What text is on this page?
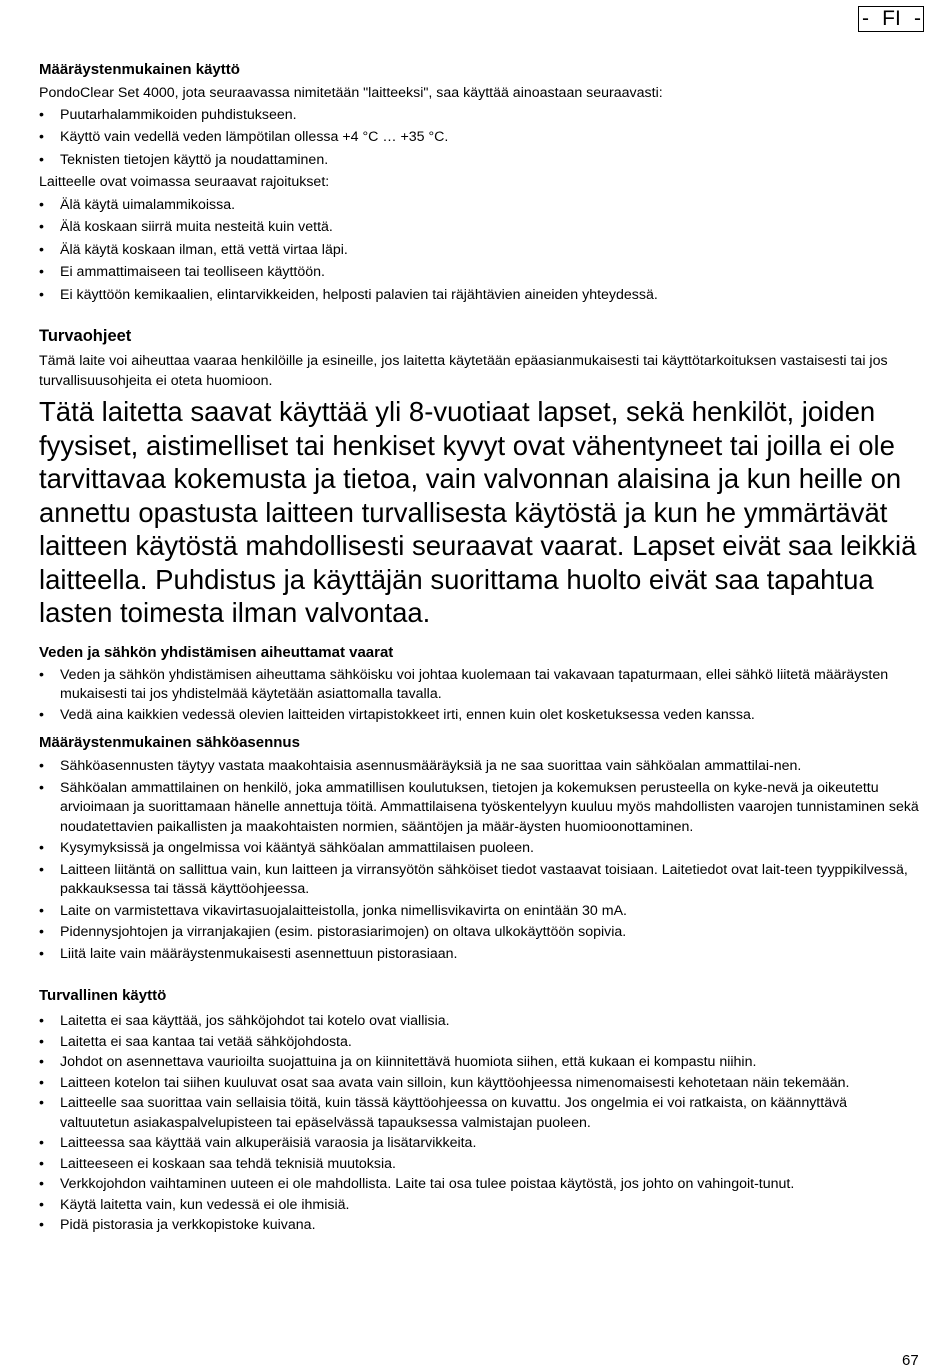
- FI -
Määräystenmukainen käyttö

PondoClear Set 4000, jota seuraavassa nimitetään "laitteeksi", saa käyttää ainoastaan seuraavasti:

•	Puutarhalammikoiden puhdistukseen.
•	Käyttö vain vedellä veden lämpötilan ollessa +4 °C … +35 °C.
•	Teknisten tietojen käyttö ja noudattaminen.

Laitteelle ovat voimassa seuraavat rajoitukset:

•	Älä käytä uimalammikoissa.
•	Älä koskaan siirrä muita nesteitä kuin vettä.
•	Älä käytä koskaan ilman, että vettä virtaa läpi.
•	Ei ammattimaiseen tai teolliseen käyttöön.
•	Ei käyttöön kemikaalien, elintarvikkeiden, helposti palavien tai räjähtävien aineiden yhteydessä.
Turvaohjeet

Tämä laite voi aiheuttaa vaaraa henkilöille ja esineille, jos laitetta käytetään epäasianmukaisesti tai käyttötarkoituksen vastaisesti tai jos turvallisuusohjeita ei oteta huomioon.

Tätä laitetta saavat käyttää yli 8-vuotiaat lapset, sekä henkilöt, joiden fyysiset, aistimelliset tai henkiset kyvyt ovat vähentyneet tai joilla ei ole tarvittavaa kokemusta ja tietoa, vain valvonnan alaisina ja kun heille on annettu opastusta laitteen turvallisesta käytöstä ja kun he ymmärtävät laitteen käytöstä mahdollisesti seuraavat vaarat. Lapset eivät saa leikkiä laitteella. Puhdistus ja käyttäjän suorittama huolto eivät saa tapahtua lasten toimesta ilman valvontaa.

Veden ja sähkön yhdistämisen aiheuttamat vaarat
•	Veden ja sähkön yhdistämisen aiheuttama sähköisku voi johtaa kuolemaan tai vakavaan tapaturmaan, ellei sähkö liitetä määräysten mukaisesti tai jos yhdistelmää käytetään asiattomalla tavalla.
•	Vedä aina kaikkien vedessä olevien laitteiden virtapistokkeet irti, ennen kuin olet kosketuksessa veden kanssa.
Määräystenmukainen sähköasennus
•	Sähköasennusten täytyy vastata maakohtaisia asennusmääräyksiä ja ne saa suorittaa vain sähköalan ammattilai-nen.
•	Sähköalan ammattilainen on henkilö, joka ammatillisen koulutuksen, tietojen ja kokemuksen perusteella on kyke-nevä ja oikeutettu arvioimaan ja suorittamaan hänelle annettuja töitä. Ammattilaisena työskentelyyn kuuluu myös mahdollisten vaarojen tunnistaminen sekä noudatettavien paikallisten ja maakohtaisten normien, sääntöjen ja määr-äysten huomioonottaminen.
•	Kysymyksissä ja ongelmissa voi kääntyä sähköalan ammattilaisen puoleen.
•	Laitteen liitäntä on sallittua vain, kun laitteen ja virransyötön sähköiset tiedot vastaavat toisiaan. Laitetiedot ovat lait-teen tyyppikilvessä, pakkauksessa tai tässä käyttöohjeessa.
•	Laite on varmistettava vikavirtasuojalaitteistolla, jonka nimellisvikavirta on enintään 30 mA.
•	Pidennysjohtojen ja virranjakajien (esim. pistorasiarimojen) on oltava ulkokäyttöön sopivia.
•	Liitä laite vain määräystenmukaisesti asennettuun pistorasiaan.
Turvallinen käyttö
•	Laitetta ei saa käyttää, jos sähköjohdot tai kotelo ovat viallisia.
•	Laitetta ei saa kantaa tai vetää sähköjohdosta.
•	Johdot on asennettava vaurioilta suojattuina ja on kiinnitettävä huomiota siihen, että kukaan ei kompastu niihin.
•	Laitteen kotelon tai siihen kuuluvat osat saa avata vain silloin, kun käyttöohjeessa nimenomaisesti kehotetaan näin tekemään.
•	Laitteelle saa suorittaa vain sellaisia töitä, kuin tässä käyttöohjeessa on kuvattu. Jos ongelmia ei voi ratkaista, on käännyttävä valtuutetun asiakaspalvelupisteen tai epäselvässä tapauksessa valmistajan puoleen.
•	Laitteessa saa käyttää vain alkuperäisiä varaosia ja lisätarvikkeita.
•	Laitteeseen ei koskaan saa tehdä teknisiä muutoksia.
•	Verkkojohdon vaihtaminen uuteen ei ole mahdollista. Laite tai osa tulee poistaa käytöstä, jos johto on vahingoit-tunut.
•	Käytä laitetta vain, kun vedessä ei ole ihmisiä.
•	Pidä pistorasia ja verkkopistoke kuivana.
67
